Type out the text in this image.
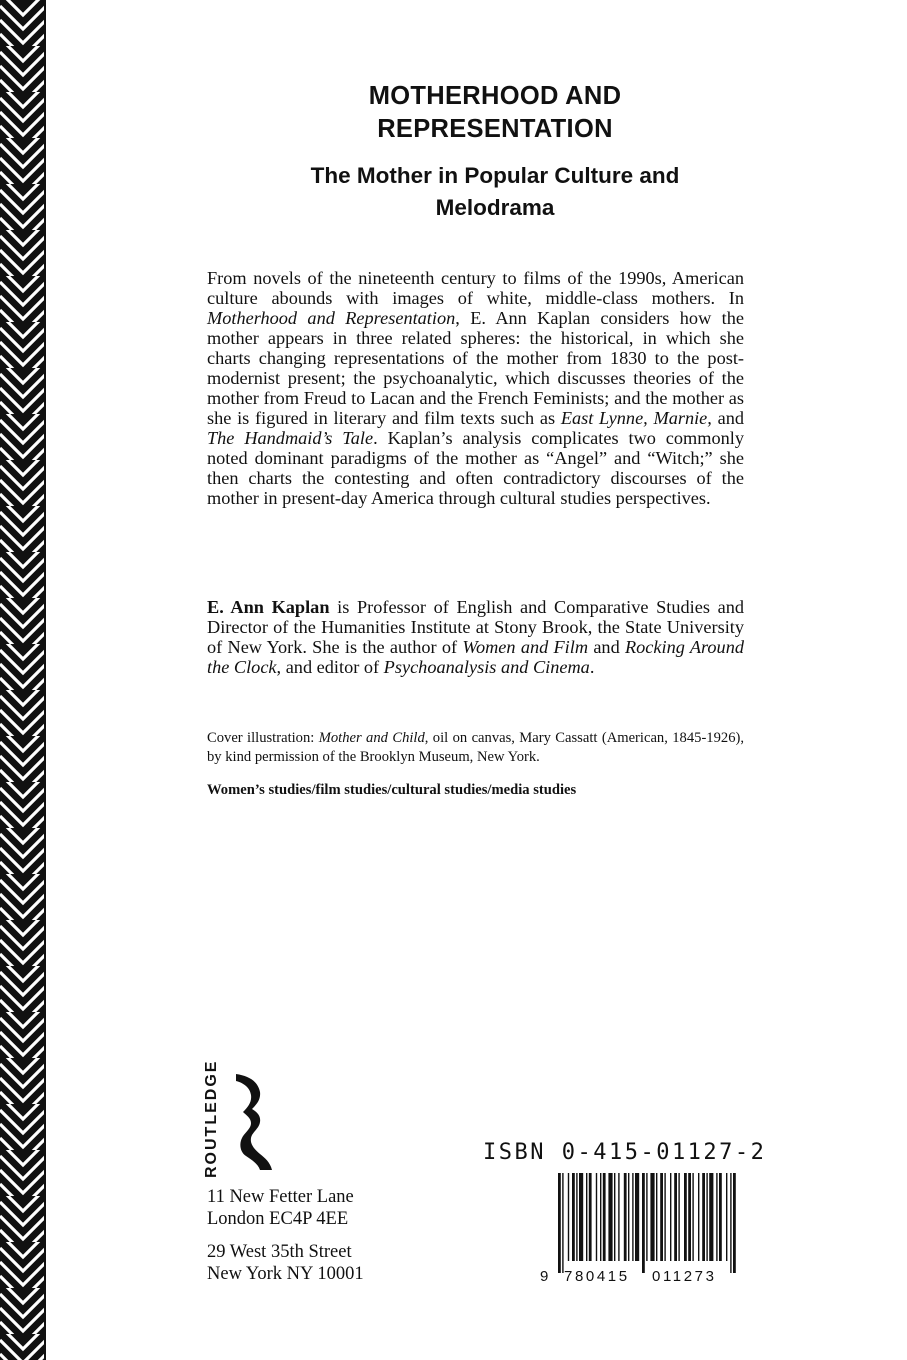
MOTHERHOOD AND REPRESENTATION
The Mother in Popular Culture and Melodrama

From novels of the nineteenth century to films of the 1990s, American culture abounds with images of white, middle-class mothers. In Motherhood and Representation, E. Ann Kaplan considers how the mother appears in three related spheres: the historical, in which she charts changing representations of the mother from 1830 to the post-modernist present; the psychoanalytic, which discusses theories of the mother from Freud to Lacan and the French Feminists; and the mother as she is figured in literary and film texts such as East Lynne, Marnie, and The Handmaid’s Tale. Kaplan’s analysis complicates two commonly noted dominant paradigms of the mother as “Angel” and “Witch;” she then charts the contesting and often contradictory discourses of the mother in present-day America through cultural studies perspectives.

E. Ann Kaplan is Professor of English and Comparative Studies and Director of the Humanities Institute at Stony Brook, the State University of New York. She is the author of Women and Film and Rocking Around the Clock, and editor of Psychoanalysis and Cinema.

Cover illustration: Mother and Child, oil on canvas, Mary Cassatt (American, 1845-1926), by kind permission of the Brooklyn Museum, New York.

Women’s studies/film studies/cultural studies/media studies

ROUTLEDGE
11 New Fetter Lane
London EC4P 4EE
29 West 35th Street
New York NY 10001
ISBN 0-415-01127-2
9 780415 011273
